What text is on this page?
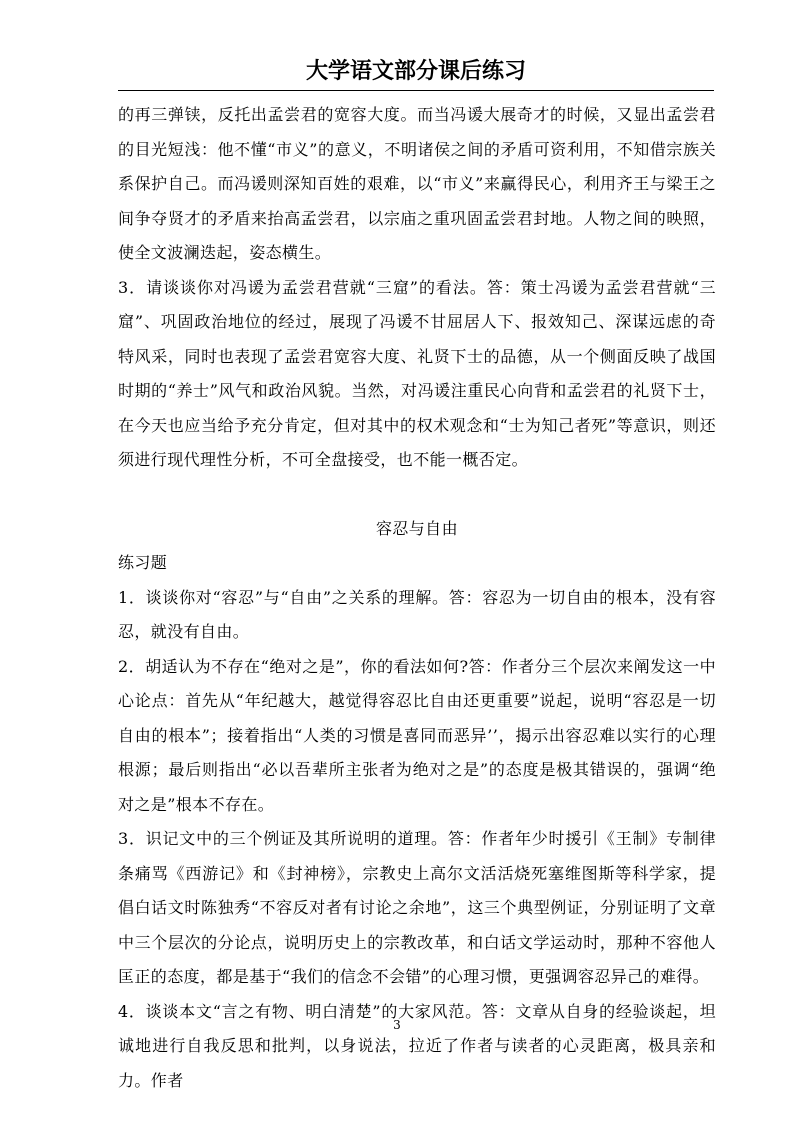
大学语文部分课后练习

的再三弹铗，反托出孟尝君的宽容大度。而当冯谖大展奇才的时候，又显出孟尝君的目光短浅：他不懂“市义”的意义，不明诸侯之间的矛盾可资利用，不知借宗族关系保护自己。而冯谖则深知百姓的艰难，以“市义”来赢得民心，利用齐王与梁王之间争夺贤才的矛盾来抬高孟尝君，以宗庙之重巩固孟尝君封地。人物之间的映照，使全文波澜迭起，姿态横生。

3．请谈谈你对冯谖为孟尝君营就“三窟”的看法。答：策士冯谖为孟尝君营就“三窟”、巩固政治地位的经过，展现了冯谖不甘屈居人下、报效知己、深谋远虑的奇特风采，同时也表现了孟尝君宽容大度、礼贤下士的品德，从一个侧面反映了战国时期的“养士”风气和政治风貌。当然，对冯谖注重民心向背和孟尝君的礼贤下士，在今天也应当给予充分肯定，但对其中的权术观念和“士为知己者死”等意识，则还须进行现代理性分析，不可全盘接受，也不能一概否定。

容忍与自由

练习题

1．谈谈你对“容忍”与“自由”之关系的理解。答：容忍为一切自由的根本，没有容忍，就没有自由。

2．胡适认为不存在“绝对之是”，你的看法如何?答：作者分三个层次来阐发这一中心论点：首先从“年纪越大，越觉得容忍比自由还更重要”说起，说明“容忍是一切自由的根本”；接着指出“人类的习惯是喜同而恶异’’，揭示出容忍难以实行的心理根源；最后则指出“必以吾辈所主张者为绝对之是”的态度是极其错误的，强调“绝对之是”根本不存在。

3．识记文中的三个例证及其所说明的道理。答：作者年少时援引《王制》专制律条痛骂《西游记》和《封神榜》，宗教史上高尔文活活烧死塞维图斯等科学家，提倡白话文时陈独秀“不容反对者有讨论之余地”，这三个典型例证，分别证明了文章中三个层次的分论点，说明历史上的宗教改革，和白话文学运动时，那种不容他人匡正的态度，都是基于“我们的信念不会错”的心理习惯，更强调容忍异己的难得。

4．谈谈本文“言之有物、明白清楚”的大家风范。答：文章从自身的经验谈起，坦诚地进行自我反思和批判，以身说法，拉近了作者与读者的心灵距离，极具亲和力。作者

3
